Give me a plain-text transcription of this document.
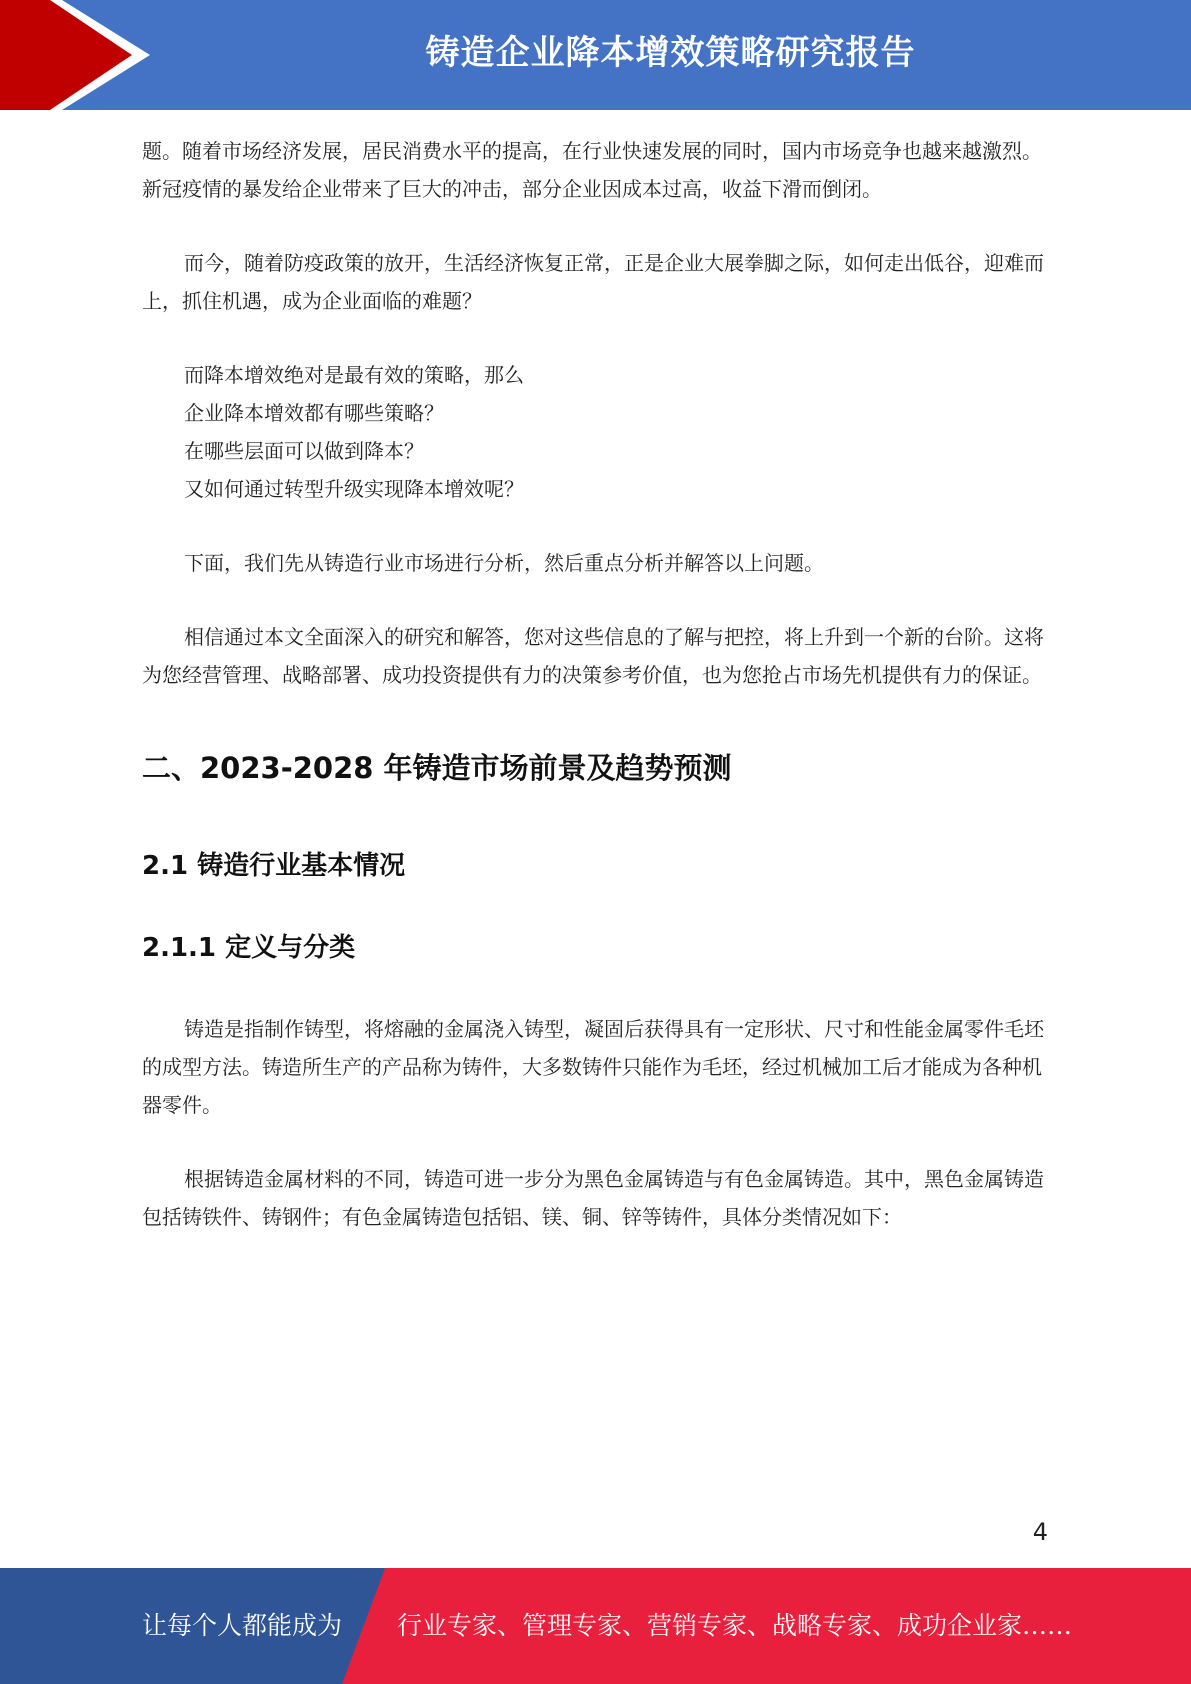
铸造企业降本增效策略研究报告

题。随着市场经济发展，居民消费水平的提高，在行业快速发展的同时，国内市场竞争也越来越激烈。新冠疫情的暴发给企业带来了巨大的冲击，部分企业因成本过高，收益下滑而倒闭。

而今，随着防疫政策的放开，生活经济恢复正常，正是企业大展拳脚之际，如何走出低谷，迎难而上，抓住机遇，成为企业面临的难题？

而降本增效绝对是最有效的策略，那么
企业降本增效都有哪些策略？
在哪些层面可以做到降本？
又如何通过转型升级实现降本增效呢？

下面，我们先从铸造行业市场进行分析，然后重点分析并解答以上问题。

相信通过本文全面深入的研究和解答，您对这些信息的了解与把控，将上升到一个新的台阶。这将为您经营管理、战略部署、成功投资提供有力的决策参考价值，也为您抢占市场先机提供有力的保证。

二、2023-2028 年铸造市场前景及趋势预测
2.1 铸造行业基本情况
2.1.1 定义与分类

铸造是指制作铸型，将熔融的金属浇入铸型，凝固后获得具有一定形状、尺寸和性能金属零件毛坯的成型方法。铸造所生产的产品称为铸件，大多数铸件只能作为毛坯，经过机械加工后才能成为各种机器零件。

根据铸造金属材料的不同，铸造可进一步分为黑色金属铸造与有色金属铸造。其中，黑色金属铸造包括铸铁件、铸钢件；有色金属铸造包括铝、镁、铜、锌等铸件，具体分类情况如下：

4
让每个人都能成为 行业专家、管理专家、营销专家、战略专家、成功企业家……
